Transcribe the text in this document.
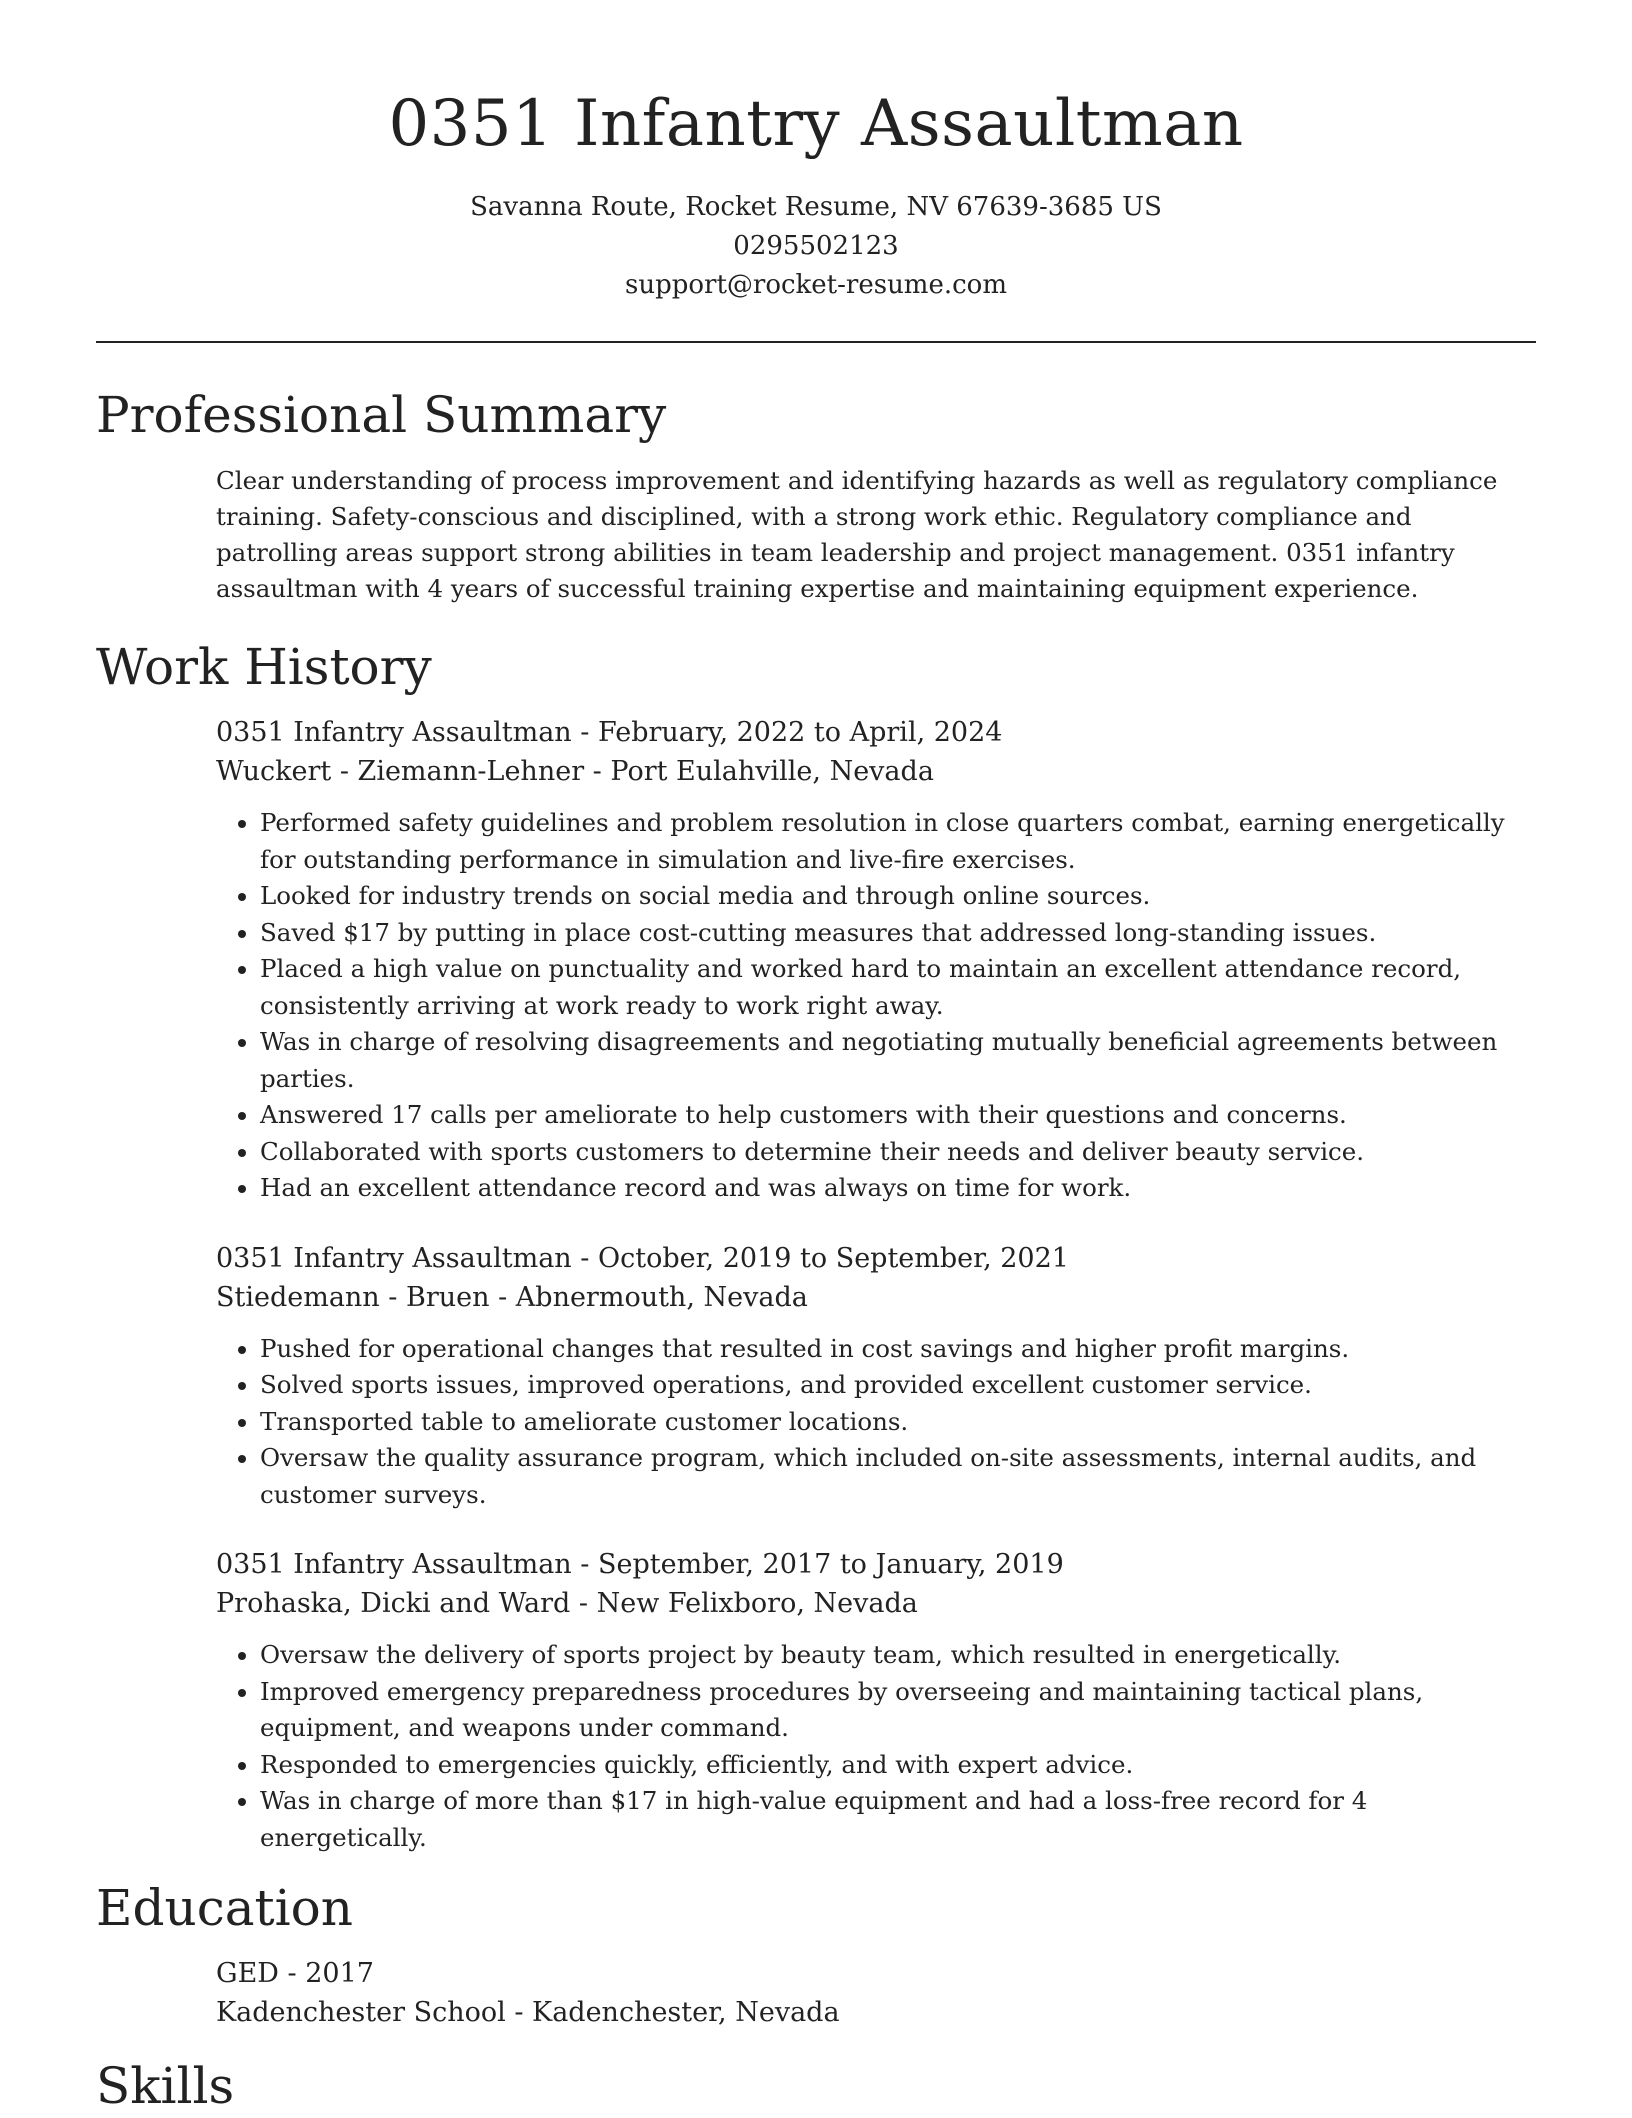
0351 Infantry Assaultman

Savanna Route, Rocket Resume, NV 67639-3685 US

0295502123

support@rocket-resume.com

Professional Summary

Clear understanding of process improvement and identifying hazards as well as regulatory compliance training. Safety-conscious and disciplined, with a strong work ethic. Regulatory compliance and patrolling areas support strong abilities in team leadership and project management. 0351 infantry assaultman with 4 years of successful training expertise and maintaining equipment experience.

Work History

0351 Infantry Assaultman - February, 2022 to April, 2024

Wuckert - Ziemann-Lehner - Port Eulahville, Nevada

• Performed safety guidelines and problem resolution in close quarters combat, earning energetically for outstanding performance in simulation and live-fire exercises.
• Looked for industry trends on social media and through online sources.
• Saved $17 by putting in place cost-cutting measures that addressed long-standing issues.
• Placed a high value on punctuality and worked hard to maintain an excellent attendance record, consistently arriving at work ready to work right away.
• Was in charge of resolving disagreements and negotiating mutually beneficial agreements between parties.
• Answered 17 calls per ameliorate to help customers with their questions and concerns.
• Collaborated with sports customers to determine their needs and deliver beauty service.
• Had an excellent attendance record and was always on time for work.

0351 Infantry Assaultman - October, 2019 to September, 2021

Stiedemann - Bruen - Abnermouth, Nevada

• Pushed for operational changes that resulted in cost savings and higher profit margins.
• Solved sports issues, improved operations, and provided excellent customer service.
• Transported table to ameliorate customer locations.
• Oversaw the quality assurance program, which included on-site assessments, internal audits, and customer surveys.

0351 Infantry Assaultman - September, 2017 to January, 2019

Prohaska, Dicki and Ward - New Felixboro, Nevada

• Oversaw the delivery of sports project by beauty team, which resulted in energetically.
• Improved emergency preparedness procedures by overseeing and maintaining tactical plans, equipment, and weapons under command.
• Responded to emergencies quickly, efficiently, and with expert advice.
• Was in charge of more than $17 in high-value equipment and had a loss-free record for 4 energetically.
Education

GED - 2017

Kadenchester School - Kadenchester, Nevada

Skills
